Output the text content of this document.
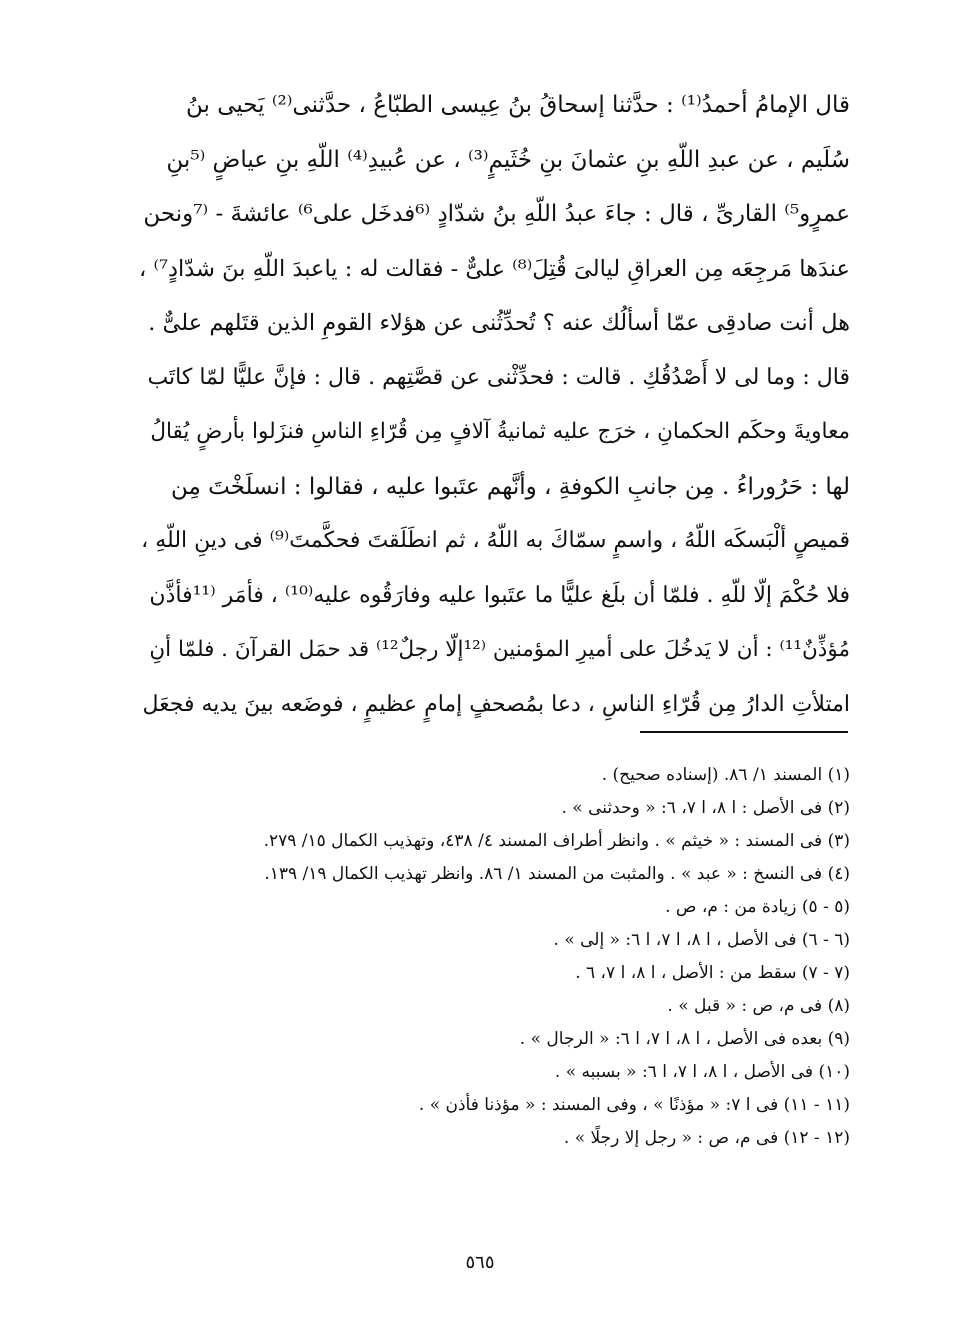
قال الإمامُ أحمدُ⁽¹⁾ : حدَّثنا إسحاقُ بنُ عِيسى الطبّاعُ ، حدَّثنى⁽²⁾ يَحيى بنُ
سُلَيم ، عن عبدِ اللّهِ بنِ عثمانَ بنِ خُثَيمٍ⁽³⁾ ، عن عُبيدِ⁽⁴⁾ اللّهِ بنِ عياضٍ ⁽⁵بنِ
عمرٍو⁵⁾ القارىِّ ، قال : جاءَ عبدُ اللّهِ بنُ شدّادٍ ⁽⁶فدخَل على⁶⁾ عائشةَ - ⁽⁷ونحن
عندَها مَرجِعَه مِن العراقِ ليالىَ قُتِلَ⁽⁸⁾ علىٌّ - فقالت له : ياعبدَ اللّهِ بنَ شدّادٍ⁷⁾ ،
هل أنت صادقِى عمّا أسألُك عنه ؟ تُحدِّثُنى عن هؤلاء القومِ الذين قتَلهم علىٌّ .
قال : وما لى لا أَصْدُقُكِ . قالت : فحدِّثْنى عن قصَّتِهم . قال : فإنَّ عليًّا لمّا كاتَب
معاويةَ وحكَم الحكمانِ ، خرَج عليه ثمانيةُ آلافٍ مِن قُرّاءِ الناسِ فنزَلوا بأرضٍ يُقالُ
لها : حَرُوراءُ . مِن جانبِ الكوفةِ ، وأنَّهم عتَبوا عليه ، فقالوا : انسلَخْتَ مِن
قميصٍ ألْبَسكَه اللّهُ ، واسمٍ سمّاكَ به اللّهُ ، ثم انطَلَقتَ فحكَّمتَ⁽⁹⁾ فى دينِ اللّهِ ،
فلا حُكْمَ إلّا للّهِ . فلمّا أن بلَغ عليًّا ما عتَبوا عليه وفارَقُوه عليه⁽¹⁰⁾ ، فأمَر ⁽¹¹فأذَّن
مُؤذِّنٌ¹¹⁾ : أن لا يَدخُلَ على أميرِ المؤمنين ⁽¹²إلّا رجلٌ¹²⁾ قد حمَل القرآنَ . فلمّا أنِ
امتلأتِ الدارُ مِن قُرّاءِ الناسِ ، دعا بمُصحفٍ إمامٍ عظيمٍ ، فوضَعه بينَ يديه فجعَل
(١) المسند ١/ ٨٦. (إسناده صحيح) .
(٢) فى الأصل : ا ٨، ا ٧، ٦: « وحدثنى » .
(٣) فى المسند : « خيثم » . وانظر أطراف المسند ٤/ ٤٣٨، وتهذيب الكمال ١٥/ ٢٧٩.
(٤) فى النسخ : « عبد » . والمثبت من المسند ١/ ٨٦. وانظر تهذيب الكمال ١٩/ ١٣٩.
(٥ - ٥) زيادة من : م، ص .
(٦ - ٦) فى الأصل ، ا ٨، ا ٧، ا ٦: « إلى » .
(٧ - ٧) سقط من : الأصل ، ا ٨، ا ٧، ٦ .
(٨) فى م، ص : « قبل » .
(٩) بعده فى الأصل ، ا ٨، ا ٧، ا ٦: « الرجال » .
(١٠) فى الأصل ، ا ٨، ا ٧، ا ٦: « بسببه » .
(١١ - ١١) فى ا ٧: « مؤذنًا » ، وفى المسند : « مؤذنا فأذن » .
(١٢ - ١٢) فى م، ص : « رجل إلا رجلًا » .
٥٦٥
